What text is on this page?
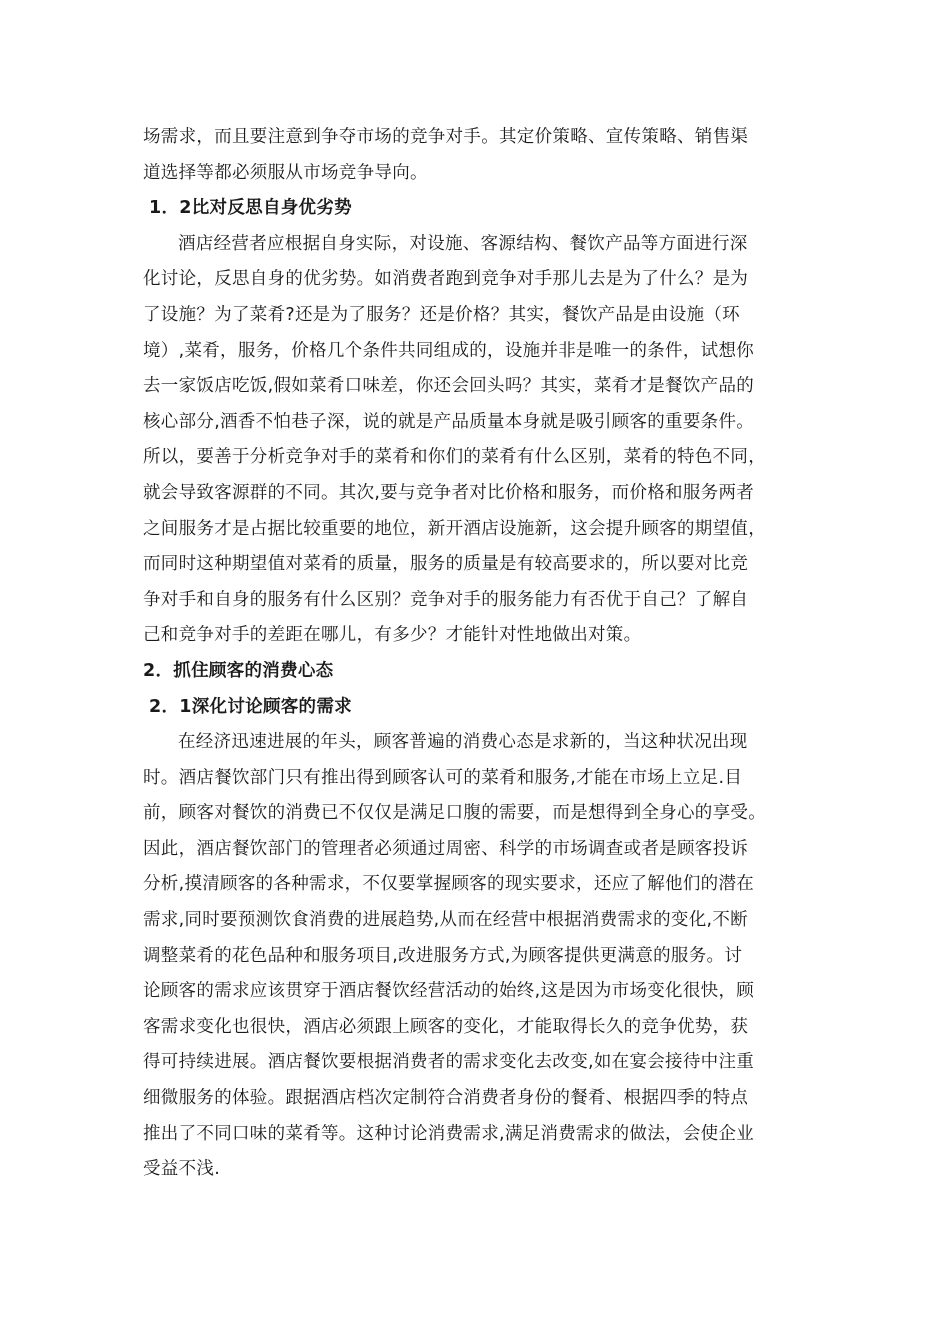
场需求，而且要注意到争夺市场的竞争对手。其定价策略、宣传策略、销售渠
道选择等都必须服从市场竞争导向。
1．2比对反思自身优劣势
酒店经营者应根据自身实际，对设施、客源结构、餐饮产品等方面进行深
化讨论，反思自身的优劣势。如消费者跑到竞争对手那儿去是为了什么？是为
了设施？为了菜肴?还是为了服务？还是价格？其实，餐饮产品是由设施（环
境）,菜肴，服务，价格几个条件共同组成的，设施并非是唯一的条件，试想你
去一家饭店吃饭,假如菜肴口味差，你还会回头吗？其实，菜肴才是餐饮产品的
核心部分,酒香不怕巷子深，说的就是产品质量本身就是吸引顾客的重要条件。
所以，要善于分析竞争对手的菜肴和你们的菜肴有什么区别，菜肴的特色不同，
就会导致客源群的不同。其次,要与竞争者对比价格和服务，而价格和服务两者
之间服务才是占据比较重要的地位，新开酒店设施新，这会提升顾客的期望值，
而同时这种期望值对菜肴的质量，服务的质量是有较高要求的，所以要对比竞
争对手和自身的服务有什么区别？竞争对手的服务能力有否优于自己？了解自
己和竞争对手的差距在哪儿，有多少？才能针对性地做出对策。
2．抓住顾客的消费心态
2．1深化讨论顾客的需求
在经济迅速进展的年头，顾客普遍的消费心态是求新的，当这种状况出现
时。酒店餐饮部门只有推出得到顾客认可的菜肴和服务,才能在市场上立足.目
前，顾客对餐饮的消费已不仅仅是满足口腹的需要，而是想得到全身心的享受。
因此，酒店餐饮部门的管理者必须通过周密、科学的市场调查或者是顾客投诉
分析,摸清顾客的各种需求，不仅要掌握顾客的现实要求，还应了解他们的潜在
需求,同时要预测饮食消费的进展趋势,从而在经营中根据消费需求的变化,不断
调整菜肴的花色品种和服务项目,改进服务方式,为顾客提供更满意的服务。讨
论顾客的需求应该贯穿于酒店餐饮经营活动的始终,这是因为市场变化很快，顾
客需求变化也很快，酒店必须跟上顾客的变化，才能取得长久的竞争优势，获
得可持续进展。酒店餐饮要根据消费者的需求变化去改变,如在宴会接待中注重
细微服务的体验。跟据酒店档次定制符合消费者身份的餐肴、根据四季的特点
推出了不同口味的菜肴等。这种讨论消费需求,满足消费需求的做法，会使企业
受益不浅.
